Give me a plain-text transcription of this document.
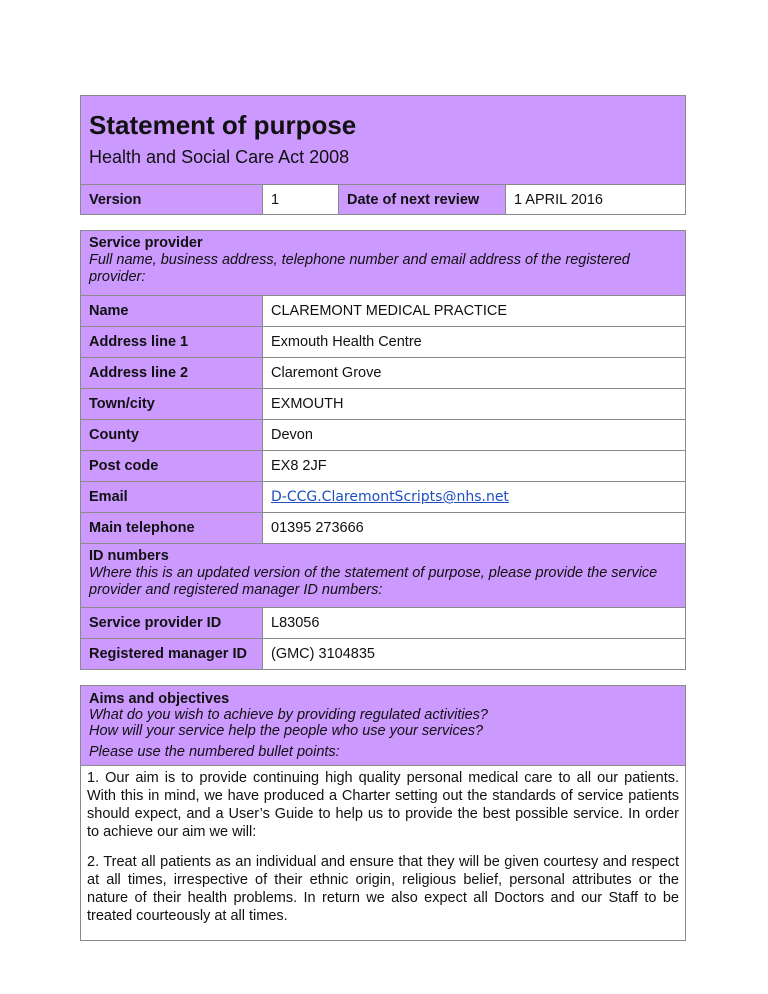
Statement of purpose
Health and Social Care Act 2008
Version	1	Date of next review	1 APRIL 2016
Service provider
Full name, business address, telephone number and email address of the registered provider:
Name	CLAREMONT MEDICAL PRACTICE
Address line 1	Exmouth Health Centre
Address line 2	Claremont Grove
Town/city	EXMOUTH
County	Devon
Post code	EX8 2JF
Email	D-CCG.ClaremontScripts@nhs.net
Main telephone	01395 273666
ID numbers
Where this is an updated version of the statement of purpose, please provide the service provider and registered manager ID numbers:
Service provider ID	L83056
Registered manager ID	(GMC) 3104835
Aims and objectives
What do you wish to achieve by providing regulated activities?
How will your service help the people who use your services?
Please use the numbered bullet points:

1. Our aim is to provide continuing high quality personal medical care to all our patients. With this in mind, we have produced a Charter setting out the standards of service patients should expect, and a User’s Guide to help us to provide the best possible service. In order to achieve our aim we will:

2. Treat all patients as an individual and ensure that they will be given courtesy and respect at all times, irrespective of their ethnic origin, religious belief, personal attributes or the nature of their health problems. In return we also expect all Doctors and our Staff to be treated courteously at all times.
